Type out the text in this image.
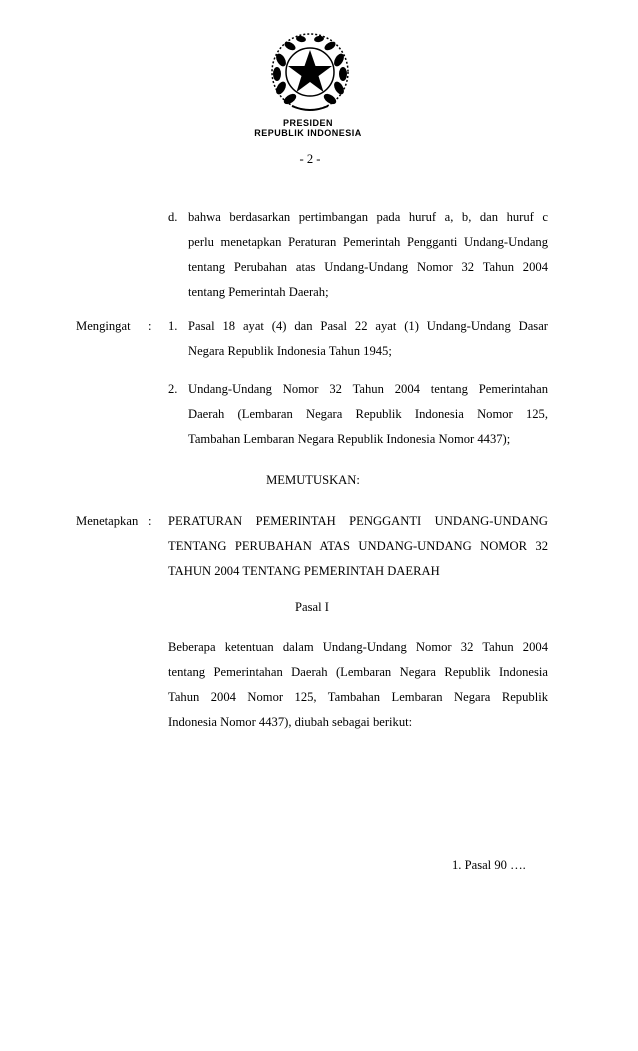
PRESIDEN
REPUBLIK INDONESIA
- 2 -
d. bahwa berdasarkan pertimbangan pada huruf a, b, dan huruf c
perlu menetapkan Peraturan Pemerintah Pengganti Undang-Undang
tentang Perubahan atas Undang-Undang Nomor 32 Tahun 2004
tentang Pemerintah Daerah;
Mengingat : 1. Pasal 18 ayat (4) dan Pasal 22 ayat (1) Undang-Undang Dasar
Negara Republik Indonesia Tahun 1945;
2. Undang-Undang Nomor 32 Tahun 2004 tentang Pemerintahan
Daerah (Lembaran Negara Republik Indonesia Nomor 125,
Tambahan Lembaran Negara Republik Indonesia Nomor 4437);
MEMUTUSKAN:
Menetapkan : PERATURAN PEMERINTAH PENGGANTI UNDANG-UNDANG
TENTANG PERUBAHAN ATAS UNDANG-UNDANG NOMOR 32
TAHUN 2004 TENTANG PEMERINTAH DAERAH
Pasal I
Beberapa ketentuan dalam Undang-Undang Nomor 32 Tahun 2004
tentang Pemerintahan Daerah (Lembaran Negara Republik Indonesia
Tahun 2004 Nomor 125, Tambahan Lembaran Negara Republik
Indonesia Nomor 4437), diubah sebagai berikut:
1. Pasal 90 ….
